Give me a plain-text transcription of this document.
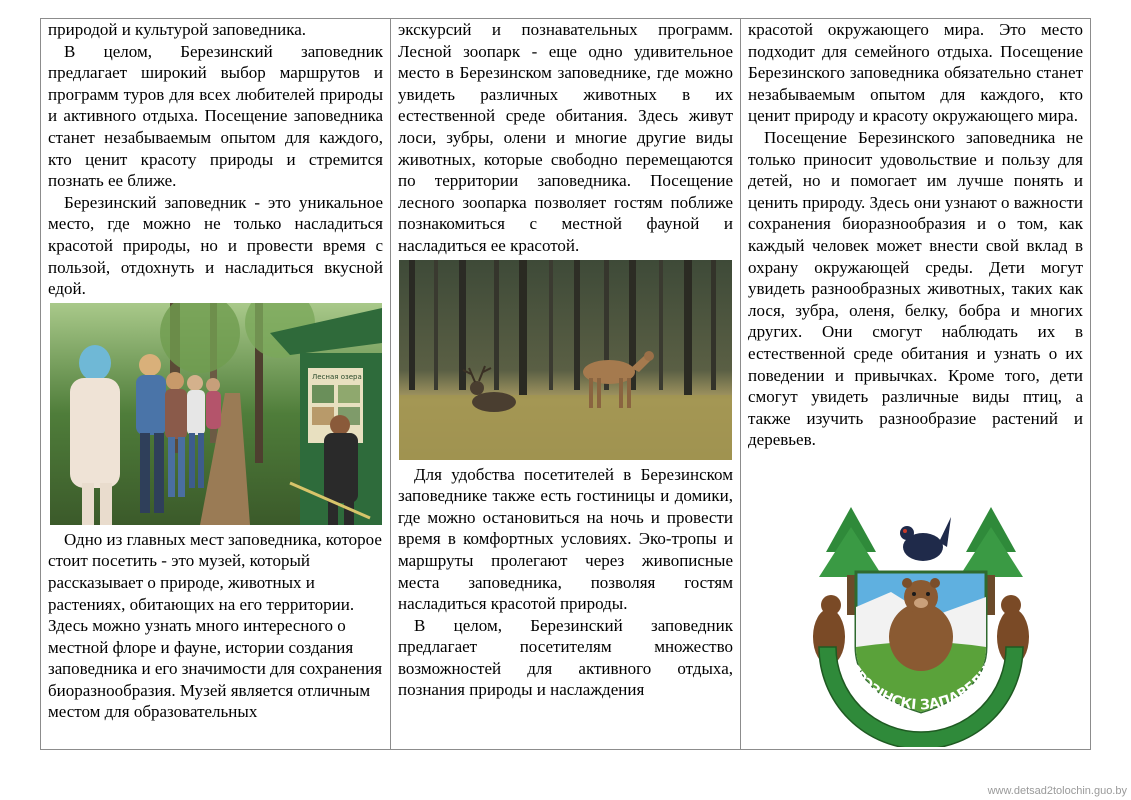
природой и культурой заповедника.

В целом, Березинский заповедник предлагает широкий выбор маршрутов и программ туров для всех любителей природы и активного отдыха. Посещение заповедника станет незабываемым опытом для каждого, кто ценит красоту природы и стремится познать ее ближе.

Березинский заповедник - это уникальное место, где можно не только насладиться красотой природы, но и провести время с пользой, отдохнуть и насладиться вкусной едой.

Лесная озера

Одно из главных мест заповедника, которое стоит посетить - это музей, который рассказывает о природе, животных и растениях, обитающих на его территории. Здесь можно узнать много интересного о местной флоре и фауне, истории создания заповедника и его значимости для сохранения биоразнообразия. Музей является отличным местом для образовательных

экскурсий и познавательных программ. Лесной зоопарк - еще одно удивительное место в Березинском заповеднике, где можно увидеть различных животных в их естественной среде обитания. Здесь живут лоси, зубры, олени и многие другие виды животных, которые свободно перемещаются по территории заповедника. Посещение лесного зоопарка позволяет гостям поближе познакомиться с местной фауной и насладиться ее красотой.

Для удобства посетителей в Березинском заповеднике также есть гостиницы и домики, где можно остановиться на ночь и провести время в комфортных условиях. Эко-тропы и маршруты пролегают через живописные места заповедника, позволяя гостям насладиться красотой природы.

В целом, Березинский заповедник предлагает посетителям множество возможностей для активного отдыха, познания природы и наслаждения

красотой окружающего мира. Это место подходит для семейного отдыха. Посещение Березинского заповедника обязательно станет незабываемым опытом для каждого, кто ценит природу и красоту окружающего мира.

Посещение Березинского заповедника не только приносит удовольствие и пользу для детей, но и помогает им лучше понять и ценить природу. Здесь они узнают о важности сохранения биоразнообразия и о том, как каждый человек может внести свой вклад в охрану окружающей среды. Дети могут увидеть разнообразных животных, таких как лося, зубра, оленя, белку, бобра и многих других. Они смогут наблюдать их в естественной среде обитания и узнать о их поведении и привычках. Кроме того, дети смогут увидеть различные виды птиц, а также изучить разнообразие растений и деревьев.

БЯРЭЗІНСКІ ЗАПАВЕДНІК
www.detsad2tolochin.guo.by
